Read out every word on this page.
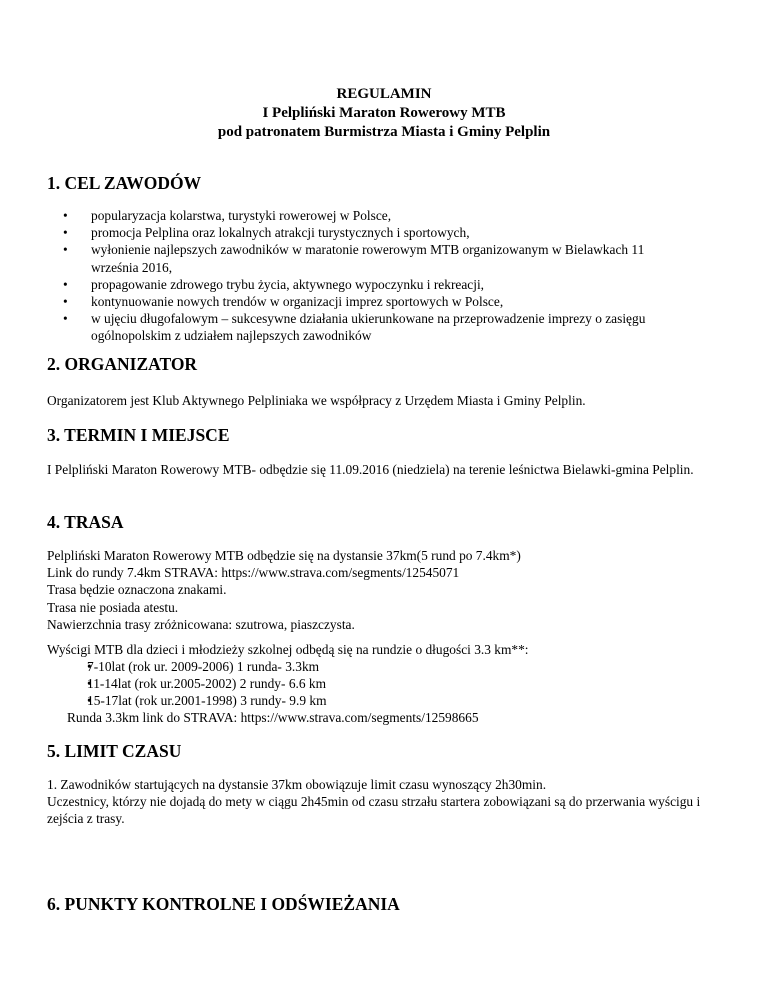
REGULAMIN
I Pelpliński Maraton Rowerowy MTB
pod patronatem Burmistrza Miasta i Gminy Pelplin
1. CEL ZAWODÓW
• popularyzacja kolarstwa, turystyki rowerowej w Polsce,
• promocja Pelplina oraz lokalnych atrakcji turystycznych i sportowych,
• wyłonienie najlepszych zawodników w maratonie rowerowym MTB organizowanym w Bielawkach 11 września 2016,
• propagowanie zdrowego trybu życia, aktywnego wypoczynku i rekreacji,
• kontynuowanie nowych trendów w organizacji imprez sportowych w Polsce,
• w ujęciu długofalowym – sukcesywne działania ukierunkowane na przeprowadzenie imprezy o zasięgu ogólnopolskim z udziałem najlepszych zawodników
2. ORGANIZATOR

Organizatorem jest Klub Aktywnego Pelpliniaka we współpracy z Urzędem Miasta i Gminy Pelplin.

3. TERMIN I MIEJSCE

I Pelpliński Maraton Rowerowy MTB- odbędzie się 11.09.2016 (niedziela) na terenie leśnictwa Bielawki-gmina Pelplin.

4. TRASA
Pelpliński Maraton Rowerowy MTB odbędzie się na dystansie 37km(5 rund po 7.4km*)
Link do rundy 7.4km STRAVA: https://www.strava.com/segments/12545071
Trasa będzie oznaczona znakami.
Trasa nie posiada atestu.
Nawierzchnia trasy zróżnicowana: szutrowa, piaszczysta.

Wyścigi MTB dla dzieci i młodzieży szkolnej odbędą się na rundzie o długości 3.3 km**:

• 7-10lat (rok ur. 2009-2006) 1 runda- 3.3km
• 11-14lat (rok ur.2005-2002) 2 rundy- 6.6 km
• 15-17lat (rok ur.2001-1998) 3 rundy- 9.9 km

Runda 3.3km link do STRAVA: https://www.strava.com/segments/12598665

5. LIMIT CZASU
1. Zawodników startujących na dystansie 37km obowiązuje limit czasu wynoszący 2h30min.
Uczestnicy, którzy nie dojadą do mety w ciągu 2h45min od czasu strzału startera zobowiązani są do przerwania wyścigu i zejścia z trasy.
6. PUNKTY KONTROLNE I ODŚWIEŻANIA
